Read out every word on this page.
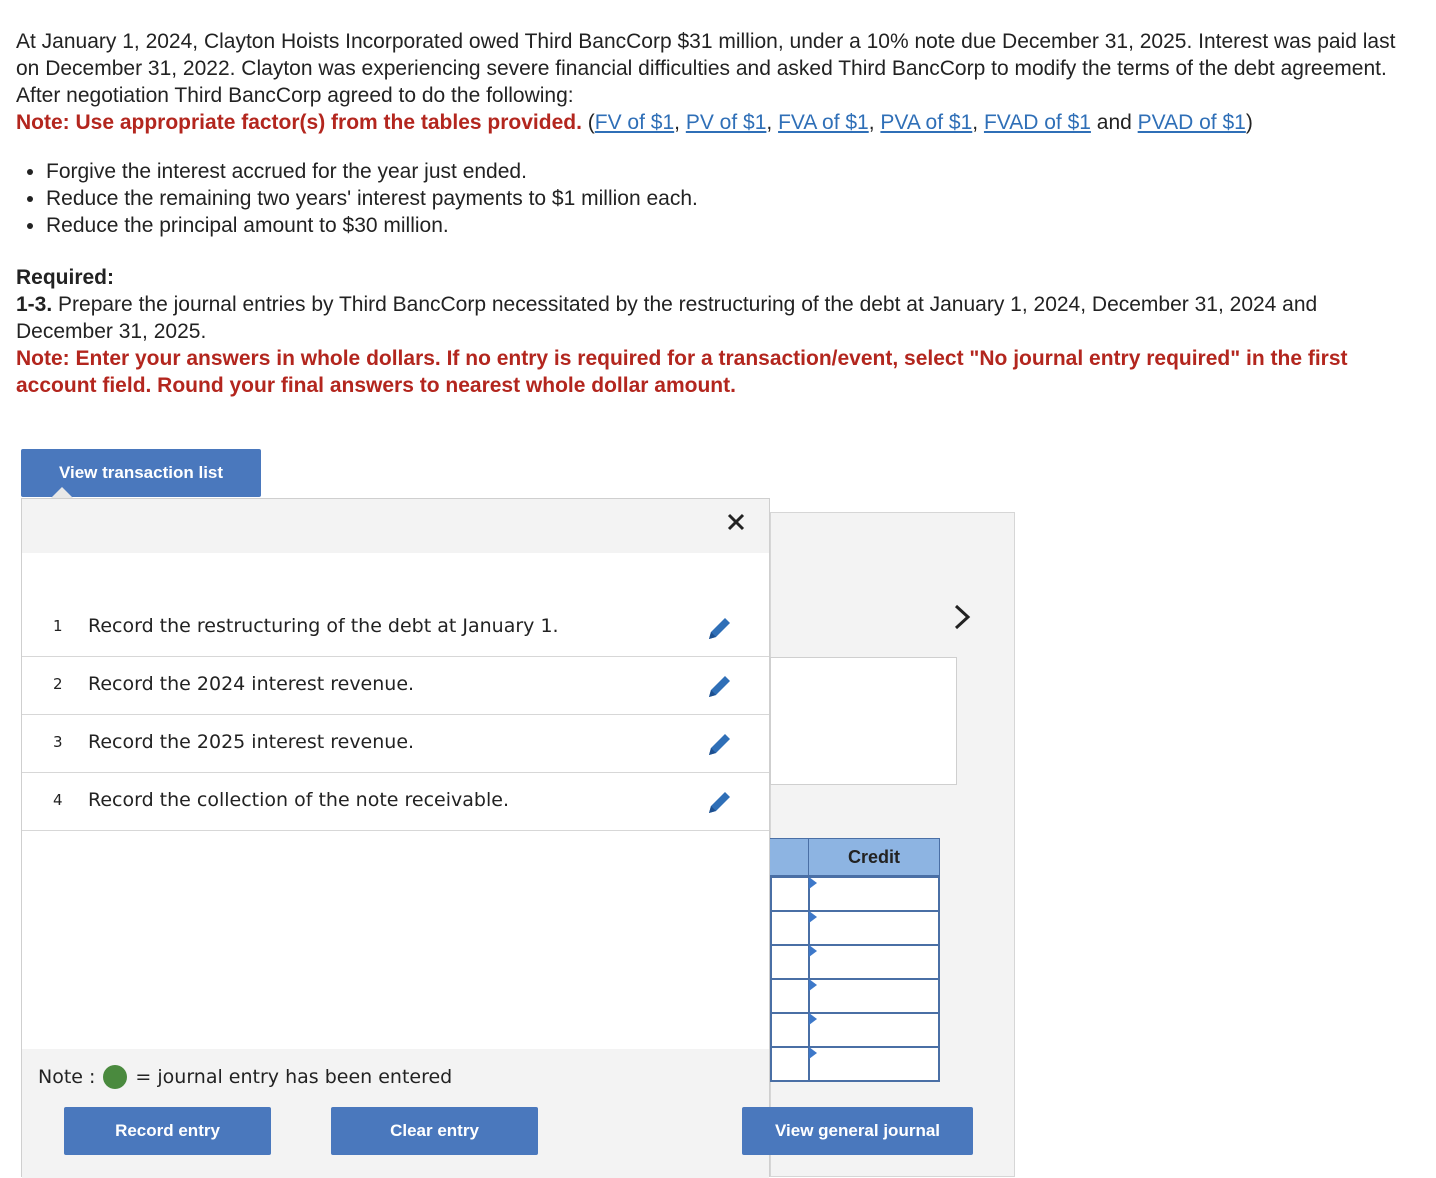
At January 1, 2024, Clayton Hoists Incorporated owed Third BancCorp $31 million, under a 10% note due December 31, 2025. Interest was paid last on December 31, 2022. Clayton was experiencing severe financial difficulties and asked Third BancCorp to modify the terms of the debt agreement. After negotiation Third BancCorp agreed to do the following:
Note: Use appropriate factor(s) from the tables provided. (FV of $1, PV of $1, FVA of $1, PVA of $1, FVAD of $1 and PVAD of $1)
• Forgive the interest accrued for the year just ended.
• Reduce the remaining two years' interest payments to $1 million each.
• Reduce the principal amount to $30 million.
Required:
1-3. Prepare the journal entries by Third BancCorp necessitated by the restructuring of the debt at January 1, 2024, December 31, 2024 and December 31, 2025.
Note: Enter your answers in whole dollars. If no entry is required for a transaction/event, select "No journal entry required" in the first account field. Round your final answers to nearest whole dollar amount.
Credit
View transaction list
1 Record the restructuring of the debt at January 1.
2 Record the 2024 interest revenue.
3 Record the 2025 interest revenue.
4 Record the collection of the note receivable.
Note : = journal entry has been entered
Record entry	Clear entry	View general journal
